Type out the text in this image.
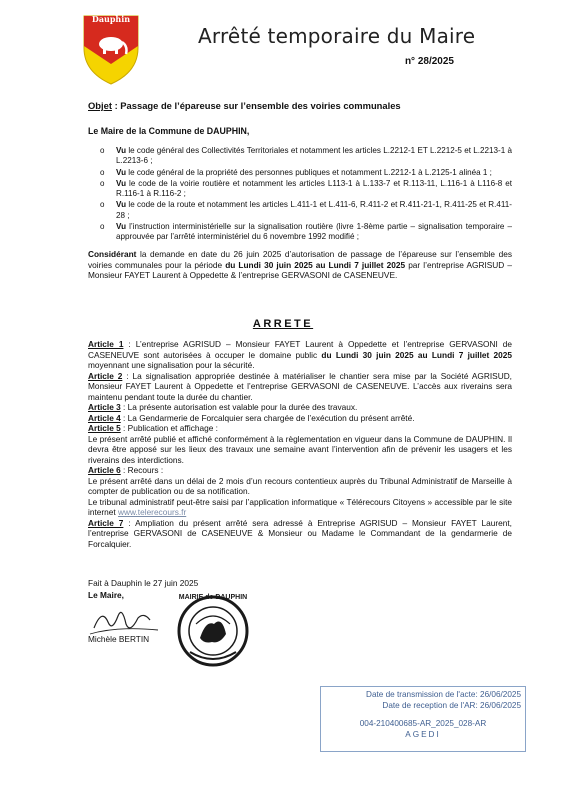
Dauphin
Arrêté temporaire du Maire
n° 28/2025
Objet : Passage de l’épareuse sur l’ensemble des voiries communales
Le Maire de la Commune de DAUPHIN,
o Vu le code général des Collectivités Territoriales et notamment les articles L.2212-1 ET L.2212-5 et L.2213-1 à L.2213-6 ;
o Vu le code général de la propriété des personnes publiques et notamment L.2212-1 à L.2125-1 alinéa 1 ;
o Vu le code de la voirie routière et notamment les articles L113-1 à L.133-7 et R.113-11, L.116-1 à L116-8 et R.116-1 à R.116-2 ;
o Vu le code de la route et notamment les articles L.411-1 et L.411-6, R.411-2 et R.411-21-1, R.411-25 et R.411-28 ;
o Vu l’instruction interministérielle sur la signalisation routière (livre 1-8ème partie – signalisation temporaire – approuvée par l’arrêté interministériel du 6 novembre 1992 modifié ;

Considérant la demande en date du 26 juin 2025 d’autorisation de passage de l’épareuse sur l’ensemble des voiries communales pour la période du Lundi 30 juin 2025 au Lundi 7 juillet 2025 par l’entreprise AGRISUD – Monsieur FAYET Laurent à Oppedette & l’entreprise GERVASONI de CASENEUVE.

ARRETE

Article 1 : L’entreprise AGRISUD – Monsieur FAYET Laurent à Oppedette et l’entreprise GERVASONI de CASENEUVE sont autorisées à occuper le domaine public du Lundi 30 juin 2025 au Lundi 7 juillet 2025 moyennant une signalisation pour la sécurité.

Article 2 : La signalisation appropriée destinée à matérialiser le chantier sera mise par la Société AGRISUD, Monsieur FAYET Laurent à Oppedette et l’entreprise GERVASONI de CASENEUVE. L’accès aux riverains sera maintenu pendant toute la durée du chantier.

Article 3 : La présente autorisation est valable pour la durée des travaux.

Article 4 : La Gendarmerie de Forcalquier sera chargée de l’exécution du présent arrêté.

Article 5 : Publication et affichage :

Le présent arrêté publié et affiché conformément à la règlementation en vigueur dans la Commune de DAUPHIN. Il devra être apposé sur les lieux des travaux une semaine avant l’intervention afin de prévenir les usagers et les riverains des interdictions.

Article 6 : Recours :

Le présent arrêté dans un délai de 2 mois d’un recours contentieux auprès du Tribunal Administratif de Marseille à compter de publication ou de sa notification.

Le tribunal administratif peut-être saisi par l’application informatique « Télérecours Citoyens » accessible par le site internet www.telerecours.fr

Article 7 : Ampliation du présent arrêté sera adressé à Entreprise AGRISUD – Monsieur FAYET Laurent, l’entreprise GERVASONI de CASENEUVE & Monsieur ou Madame le Commandant de la gendarmerie de Forcalquier.

Fait à Dauphin le 27 juin 2025
Le Maire,
Michèle BERTIN
MAIRIE de DAUPHIN
Date de transmission de l'acte: 26/06/2025
Date de reception de l'AR: 26/06/2025
004-210400685-AR_2025_028-AR
AGEDI
